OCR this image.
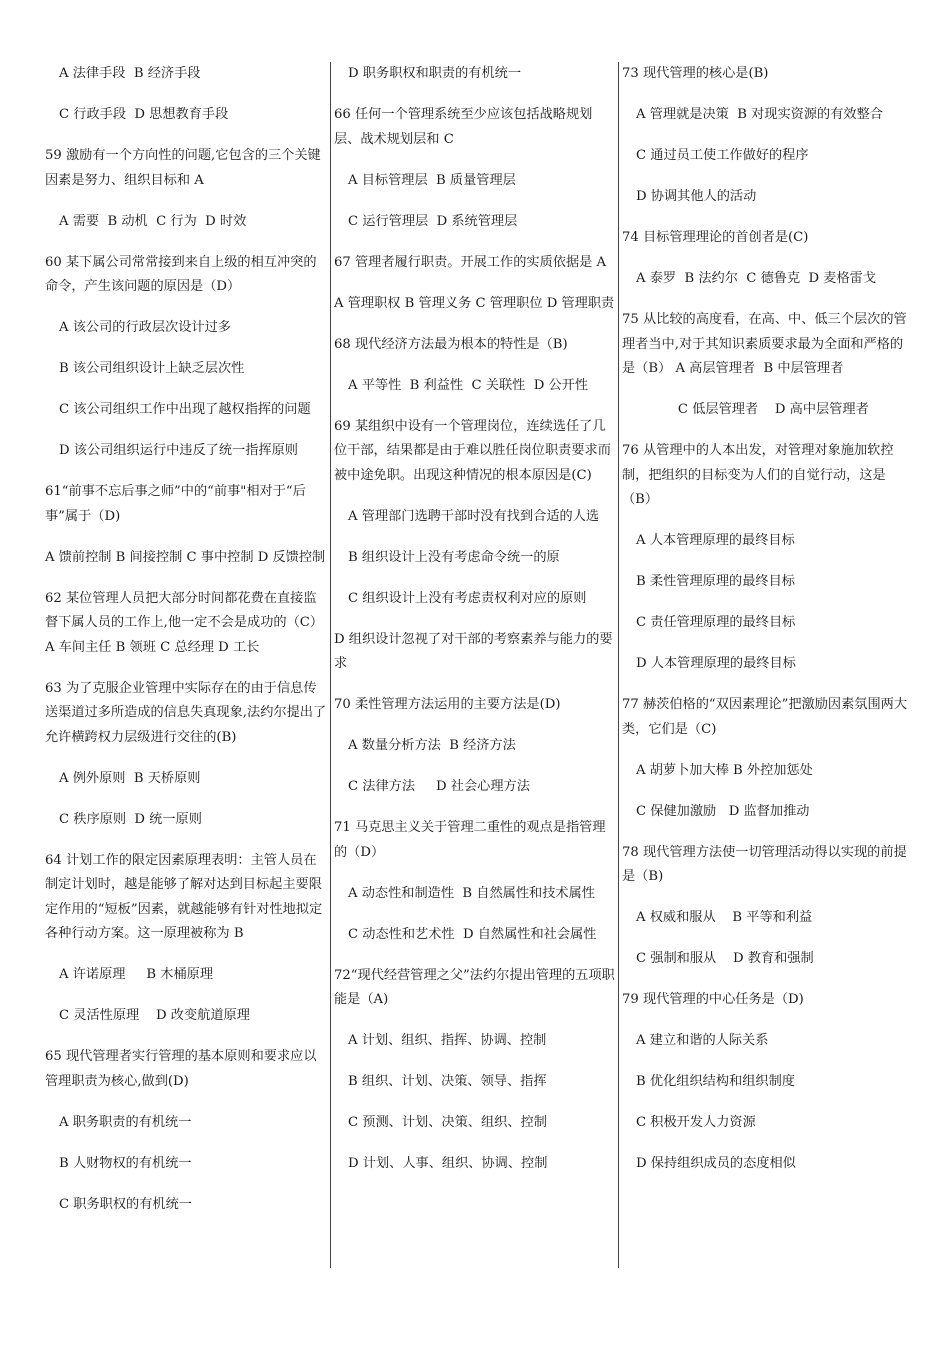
A 法律手段  B 经济手段
C 行政手段  D 思想教育手段
59 激励有一个方向性的问题,它包含的三个关键因素是努力、组织目标和 A
A 需要  B 动机  C 行为  D 时效
60 某下属公司常常接到来自上级的相互冲突的命令，产生该问题的原因是（D）
A 该公司的行政层次设计过多
B 该公司组织设计上缺乏层次性
C 该公司组织工作中出现了越权指挥的问题
D 该公司组织运行中违反了统一指挥原则
61“前事不忘后事之师”中的“前事"相对于“后事”属于（D)
A 馈前控制 B 间接控制 C 事中控制 D 反馈控制
62 某位管理人员把大部分时间都花费在直接监督下属人员的工作上,他一定不会是成功的（C） A 车间主任 B 领班 C 总经理 D 工长
63 为了克服企业管理中实际存在的由于信息传送渠道过多所造成的信息失真现象,法约尔提出了允许横跨权力层级进行交往的(B)
A 例外原则  B 天桥原则
C 秩序原则  D 统一原则
64 计划工作的限定因素原理表明：主管人员在制定计划时，越是能够了解对达到目标起主要限定作用的“短板”因素，就越能够有针对性地拟定各种行动方案。这一原理被称为 B
A 许诺原理     B 木桶原理
C 灵活性原理    D 改变航道原理
65 现代管理者实行管理的基本原则和要求应以管理职责为核心,做到(D)
A 职务职责的有机统一
B 人财物权的有机统一
C 职务职权的有机统一
D 职务职权和职责的有机统一
66 任何一个管理系统至少应该包括战略规划层、战术规划层和 C
A 目标管理层  B 质量管理层
C 运行管理层  D 系统管理层
67 管理者履行职责。开展工作的实质依据是 A
A 管理职权 B 管理义务 C 管理职位 D 管理职责
68 现代经济方法最为根本的特性是（B)
A 平等性  B 利益性  C 关联性  D 公开性
69 某组织中设有一个管理岗位，连续选任了几位干部，结果都是由于难以胜任岗位职责要求而被中途免职。出现这种情况的根本原因是(C)
A 管理部门选聘干部时没有找到合适的人选
B 组织设计上没有考虑命令统一的原
C 组织设计上没有考虑责权利对应的原则
D 组织设计忽视了对干部的考察素养与能力的要求
70 柔性管理方法运用的主要方法是(D)
A 数量分析方法  B 经济方法
C 法律方法     D 社会心理方法
71 马克思主义关于管理二重性的观点是指管理的（D）
A 动态性和制造性  B 自然属性和技术属性
C 动态性和艺术性  D 自然属性和社会属性
72“现代经营管理之父”法约尔提出管理的五项职能是（A)
A 计划、组织、指挥、协调、控制
B 组织、计划、决策、领导、指挥
C 预测、计划、决策、组织、控制
D 计划、人事、组织、协调、控制
73 现代管理的核心是(B)
A 管理就是决策  B 对现实资源的有效整合
C 通过员工使工作做好的程序
D 协调其他人的活动
74 目标管理理论的首创者是(C)
A 泰罗  B 法约尔  C 德鲁克  D 麦格雷戈
75 从比较的高度看，在高、中、低三个层次的管理者当中,对于其知识素质要求最为全面和严格的是（B） A 高层管理者  B 中层管理者
C 低层管理者    D 高中层管理者
76 从管理中的人本出发，对管理对象施加软控制，把组织的目标变为人们的自觉行动，这是（B）
A 人本管理原理的最终目标
B 柔性管理原理的最终目标
C 责任管理原理的最终目标
D 人本管理原理的最终目标
77 赫茨伯格的“双因素理论”把激励因素氛围两大类，它们是（C)
A 胡萝卜加大棒 B 外控加惩处
C 保健加激励   D 监督加推动
78 现代管理方法使一切管理活动得以实现的前提是（B)
A 权威和服从    B 平等和利益
C 强制和服从    D 教育和强制
79 现代管理的中心任务是（D)
A 建立和谐的人际关系
B 优化组织结构和组织制度
C 积极开发人力资源
D 保持组织成员的态度相似
